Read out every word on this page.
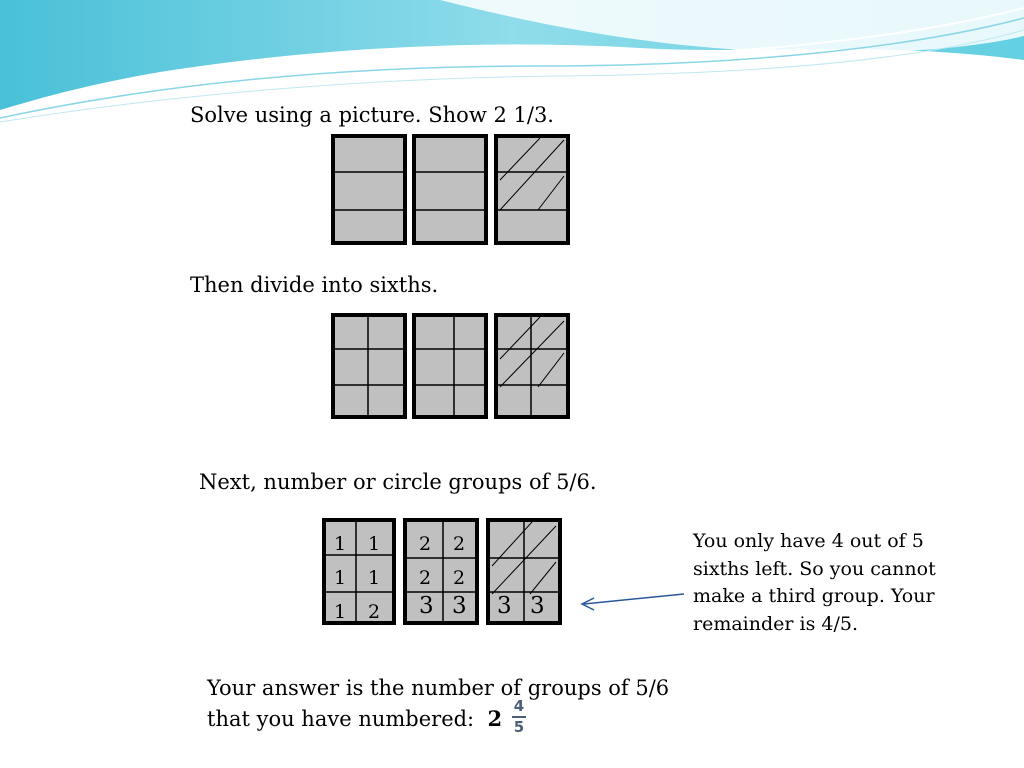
Solve using a picture. Show 2 1/3.

Then divide into sixths.

Next, number or circle groups of 5/6.

1 1
1 1
1 2
2 2
2 2
3 3 3 3

You only have 4 out of 5 sixths left. So you cannot make a third group. Your remainder is 4/5.

Your answer is the number of groups of 5/6

that you have numbered: 2 4
5
